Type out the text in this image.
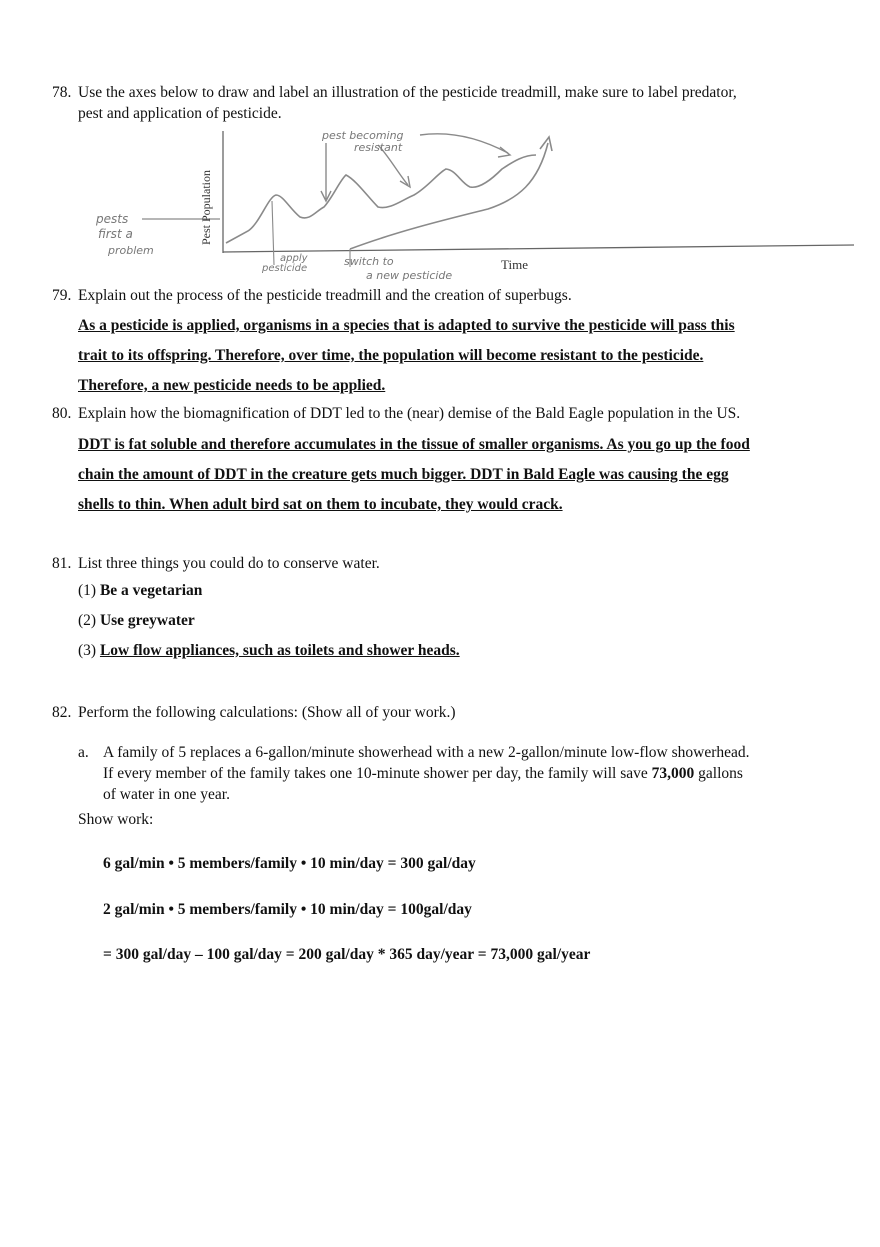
78. Use the axes below to draw and label an illustration of the pesticide treadmill, make sure to label predator,
pest and application of pesticide.
Pest Population
Time
pests
first a
problem
pest becoming
resistant
apply
pesticide
switch to
a new pesticide
79. Explain out the process of the pesticide treadmill and the creation of superbugs.
As a pesticide is applied, organisms in a species that is adapted to survive the pesticide will pass this
trait to its offspring. Therefore, over time, the population will become resistant to the pesticide.
Therefore, a new pesticide needs to be applied.
80. Explain how the biomagnification of DDT led to the (near) demise of the Bald Eagle population in the US.
DDT is fat soluble and therefore accumulates in the tissue of smaller organisms. As you go up the food
chain the amount of DDT in the creature gets much bigger. DDT in Bald Eagle was causing the egg
shells to thin. When adult bird sat on them to incubate, they would crack.
81. List three things you could do to conserve water.
(1) Be a vegetarian
(2) Use greywater
(3) Low flow appliances, such as toilets and shower heads.
82. Perform the following calculations: (Show all of your work.)
a. A family of 5 replaces a 6-gallon/minute showerhead with a new 2-gallon/minute low-flow showerhead.
If every member of the family takes one 10-minute shower per day, the family will save 73,000 gallons
of water in one year.
Show work:
6 gal/min • 5 members/family • 10 min/day = 300 gal/day
2 gal/min • 5 members/family • 10 min/day = 100gal/day
= 300 gal/day – 100 gal/day = 200 gal/day * 365 day/year = 73,000 gal/year
